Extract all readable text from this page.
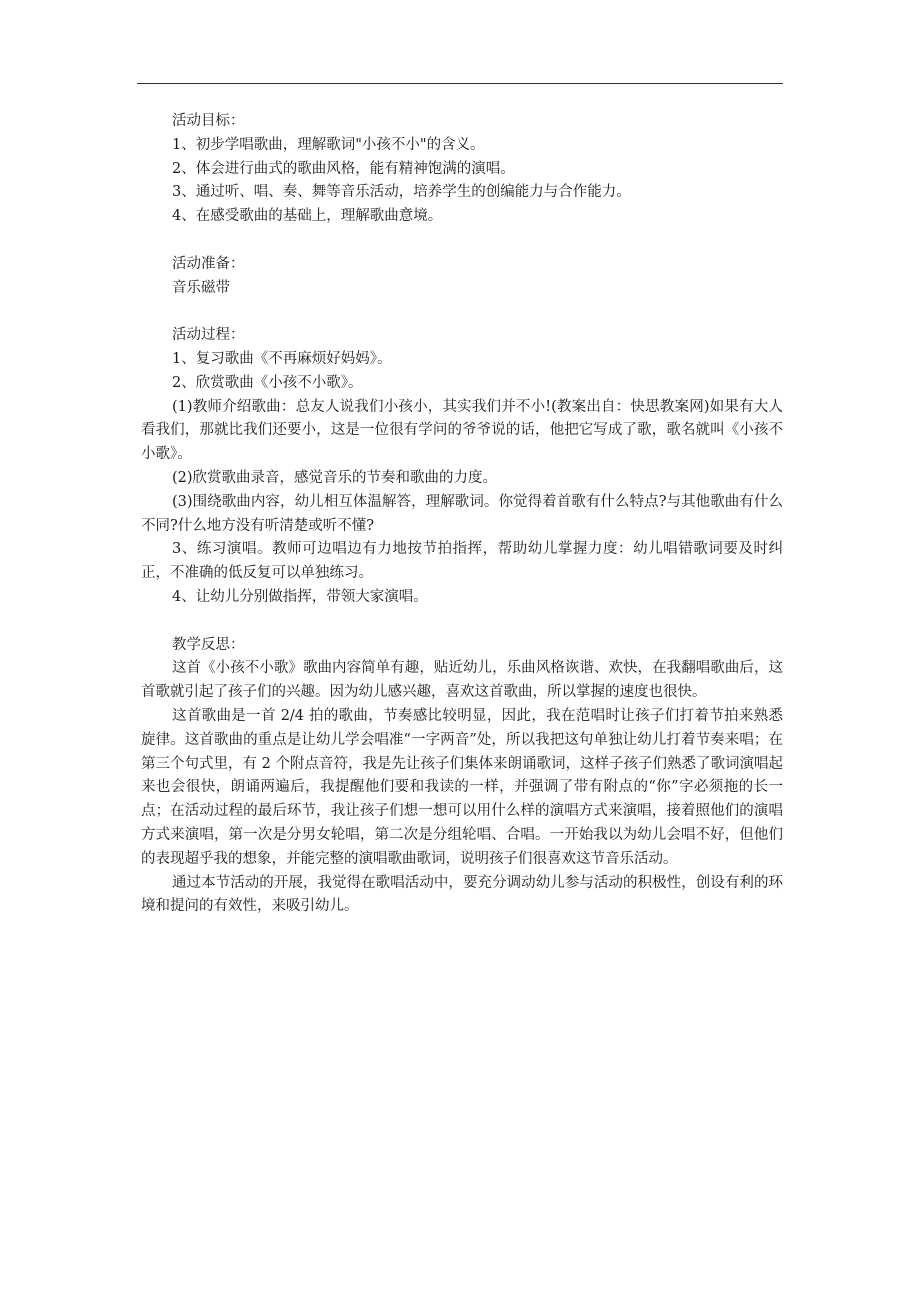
活动目标：
1、初步学唱歌曲，理解歌词"小孩不小"的含义。
2、体会进行曲式的歌曲风格，能有精神饱满的演唱。
3、通过听、唱、奏、舞等音乐活动，培养学生的创编能力与合作能力。
4、在感受歌曲的基础上，理解歌曲意境。
活动准备：
音乐磁带
活动过程：
1、复习歌曲《不再麻烦好妈妈》。
2、欣赏歌曲《小孩不小歌》。

(1)教师介绍歌曲：总友人说我们小孩小，其实我们并不小!(教案出自：快思教案网)如果有大人看我们，那就比我们还要小，这是一位很有学问的爷爷说的话，他把它写成了歌，歌名就叫《小孩不小歌》。

(2)欣赏歌曲录音，感觉音乐的节奏和歌曲的力度。

(3)围绕歌曲内容，幼儿相互体温解答，理解歌词。你觉得着首歌有什么特点?与其他歌曲有什么不同?什么地方没有听清楚或听不懂?

3、练习演唱。教师可边唱边有力地按节拍指挥，帮助幼儿掌握力度：幼儿唱错歌词要及时纠正，不准确的低反复可以单独练习。

4、让幼儿分别做指挥，带领大家演唱。

教学反思：

这首《小孩不小歌》歌曲内容简单有趣，贴近幼儿，乐曲风格诙谐、欢快，在我翻唱歌曲后，这首歌就引起了孩子们的兴趣。因为幼儿感兴趣，喜欢这首歌曲，所以掌握的速度也很快。

这首歌曲是一首 2/4 拍的歌曲，节奏感比较明显，因此，我在范唱时让孩子们打着节拍来熟悉旋律。这首歌曲的重点是让幼儿学会唱准“一字两音”处，所以我把这句单独让幼儿打着节奏来唱；在第三个句式里，有 2 个附点音符，我是先让孩子们集体来朗诵歌词，这样子孩子们熟悉了歌词演唱起来也会很快，朗诵两遍后，我提醒他们要和我读的一样，并强调了带有附点的“你”字必须拖的长一点；在活动过程的最后环节，我让孩子们想一想可以用什么样的演唱方式来演唱，接着照他们的演唱方式来演唱，第一次是分男女轮唱，第二次是分组轮唱、合唱。一开始我以为幼儿会唱不好，但他们的表现超乎我的想象，并能完整的演唱歌曲歌词，说明孩子们很喜欢这节音乐活动。

通过本节活动的开展，我觉得在歌唱活动中，要充分调动幼儿参与活动的积极性，创设有利的环境和提问的有效性，来吸引幼儿。
